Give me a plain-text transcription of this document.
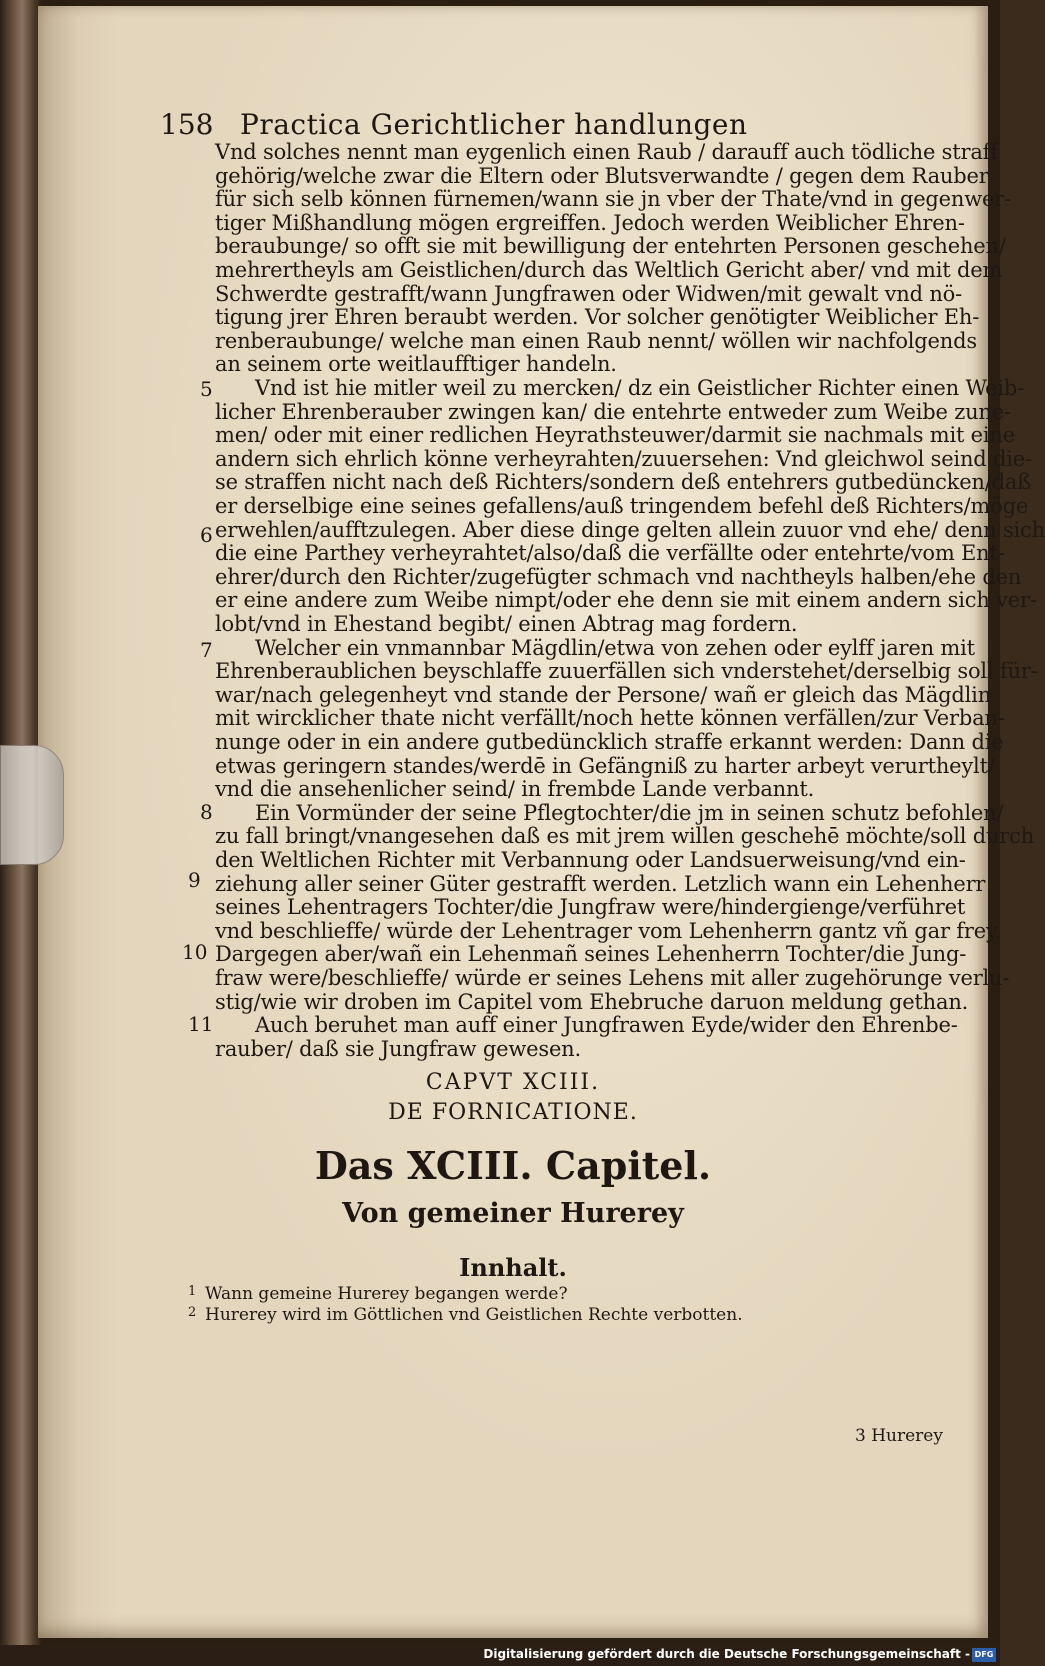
158 Practica Gerichtlicher handlungen
Vnd solches nennt man eygenlich einen Raub / darauff auch tödliche straff
gehörig/welche zwar die Eltern oder Blutsverwandte / gegen dem Rauber
für sich selb können fürnemen/wann sie jn vber der Thate/vnd in gegenwer-
tiger Mißhandlung mögen ergreiffen. Jedoch werden Weiblicher Ehren-
beraubunge/ so offt sie mit bewilligung der entehrten Personen geschehen/
mehrertheyls am Geistlichen/durch das Weltlich Gericht aber/ vnd mit dem
Schwerdte gestrafft/wann Jungfrawen oder Widwen/mit gewalt vnd nö-
tigung jrer Ehren beraubt werden. Vor solcher genötigter Weiblicher Eh-
renberaubunge/ welche man einen Raub nennt/ wöllen wir nachfolgends
an seinem orte weitlaufftiger handeln.
Vnd ist hie mitler weil zu mercken/ dz ein Geistlicher Richter einen Weib-
licher Ehrenberauber zwingen kan/ die entehrte entweder zum Weibe zune-
men/ oder mit einer redlichen Heyrathsteuwer/darmit sie nachmals mit eine
andern sich ehrlich könne verheyrahten/zuuersehen: Vnd gleichwol seind die-
se straffen nicht nach deß Richters/sondern deß entehrers gutbedüncken/daß
er derselbige eine seines gefallens/auß tringendem befehl deß Richters/möge
erwehlen/aufftzulegen. Aber diese dinge gelten allein zuuor vnd ehe/ denn sich
die eine Parthey verheyrahtet/also/daß die verfällte oder entehrte/vom Ent-
ehrer/durch den Richter/zugefügter schmach vnd nachtheyls halben/ehe den
er eine andere zum Weibe nimpt/oder ehe denn sie mit einem andern sich ver-
lobt/vnd in Ehestand begibt/ einen Abtrag mag fordern.
Welcher ein vnmannbar Mägdlin/etwa von zehen oder eylff jaren mit
Ehrenberaublichen beyschlaffe zuuerfällen sich vnderstehet/derselbig soll für-
war/nach gelegenheyt vnd stande der Persone/ wañ er gleich das Mägdlin
mit wircklicher thate nicht verfällt/noch hette können verfällen/zur Verban-
nunge oder in ein andere gutbedüncklich straffe erkannt werden: Dann die
etwas geringern standes/werdē in Gefängniß zu harter arbeyt verurtheylt/
vnd die ansehenlicher seind/ in frembde Lande verbannt.
Ein Vormünder der seine Pflegtochter/die jm in seinen schutz befohlen/
zu fall bringt/vnangesehen daß es mit jrem willen geschehē möchte/soll durch
den Weltlichen Richter mit Verbannung oder Landsuerweisung/vnd ein-
ziehung aller seiner Güter gestrafft werden. Letzlich wann ein Lehenherr
seines Lehentragers Tochter/die Jungfraw were/hindergienge/verführet
vnd beschlieffe/ würde der Lehentrager vom Lehenherrn gantz vñ gar frey.
Dargegen aber/wañ ein Lehenmañ seines Lehenherrn Tochter/die Jung-
fraw were/beschlieffe/ würde er seines Lehens mit aller zugehörunge verlu-
stig/wie wir droben im Capitel vom Ehebruche daruon meldung gethan.
Auch beruhet man auff einer Jungfrawen Eyde/wider den Ehrenbe-
rauber/ daß sie Jungfraw gewesen.
5
6
7
8
9
10
11
CAPVT XCIII.
DE FORNICATIONE.
Das XCIII. Capitel.
Von gemeiner Hurerey
Innhalt.
1 Wann gemeine Hurerey begangen werde?
2 Hurerey wird im Göttlichen vnd Geistlichen Rechte verbotten.
3 Hurerey
Digitalisierung gefördert durch die Deutsche Forschungsgemeinschaft - DFG
